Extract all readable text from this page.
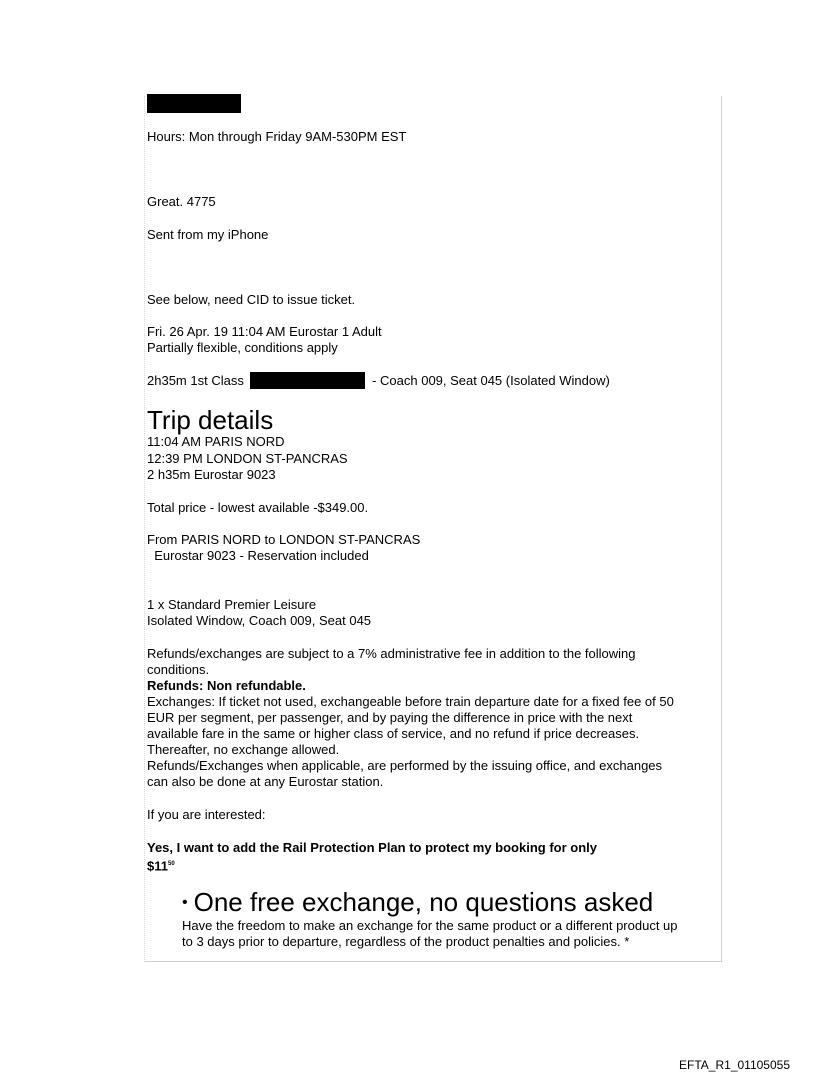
Hours: Mon through Friday 9AM-530PM EST
Great. 4775
Sent from my iPhone
See below, need CID to issue ticket.
Fri. 26 Apr. 19 11:04 AM Eurostar 1 Adult
Partially flexible, conditions apply
2h35m 1st Class	- Coach 009, Seat 045 (Isolated Window)
Trip details
11:04 AM PARIS NORD
12:39 PM LONDON ST-PANCRAS
2 h35m Eurostar 9023
Total price - lowest available -$349.00.
From PARIS NORD to LONDON ST-PANCRAS
Eurostar 9023 - Reservation included
1 x Standard Premier Leisure
Isolated Window, Coach 009, Seat 045
Refunds/exchanges are subject to a 7% administrative fee in addition to the following
conditions.
Refunds: Non refundable.
Exchanges: If ticket not used, exchangeable before train departure date for a fixed fee of 50
EUR per segment, per passenger, and by paying the difference in price with the next
available fare in the same or higher class of service, and no refund if price decreases.
Thereafter, no exchange allowed.
Refunds/Exchanges when applicable, are performed by the issuing office, and exchanges
can also be done at any Eurostar station.
If you are interested:
Yes, I want to add the Rail Protection Plan to protect my booking for only
$\$11^{50}$
• One free exchange, no questions asked
Have the freedom to make an exchange for the same product or a different product up
to 3 days prior to departure, regardless of the product penalties and policies. *
EFTA_R1_01105055
